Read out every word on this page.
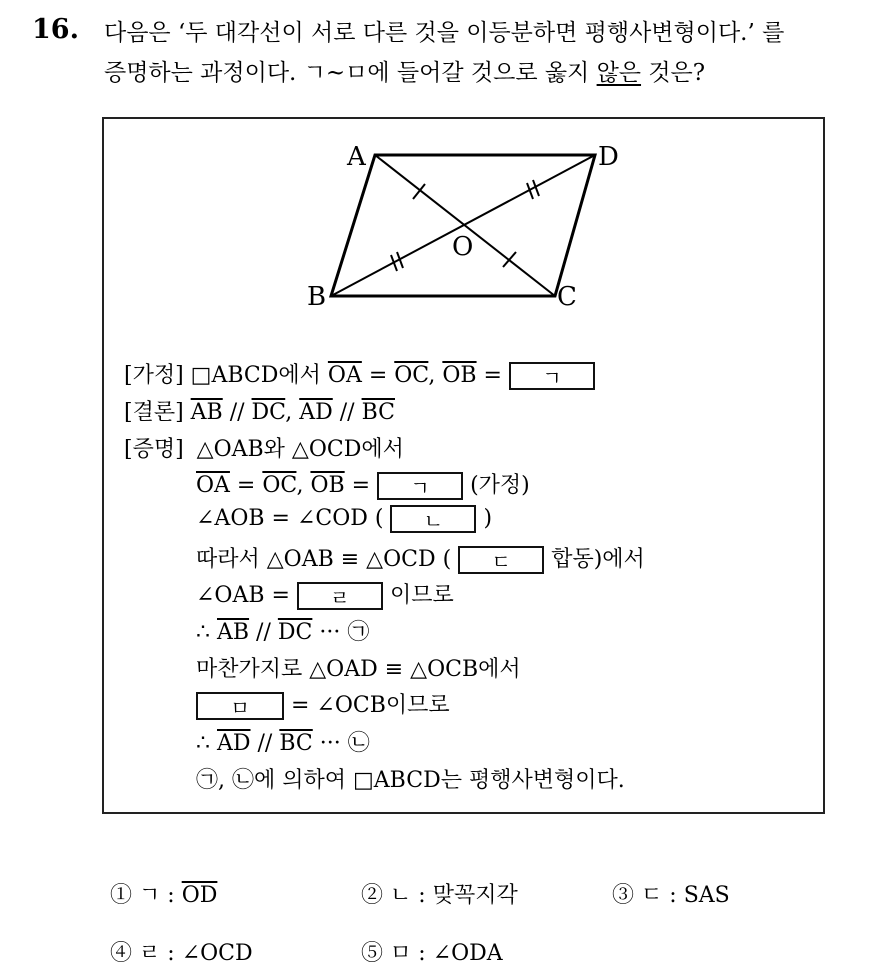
16. 다음은 ‘두 대각선이 서로 다른 것을 이등분하면 평행사변형이다.’ 를
증명하는 과정이다. ㄱ~ㅁ에 들어갈 것으로 옳지 않은 것은?
A	D
B	C
O
[가정] □ABCD에서 $\overline{OA} = \overline{OC}$, $\overline{OB}$ = ㄱ
[결론] $\overline{AB} // \overline{DC}$, $\overline{AD} // \overline{BC}$
[증명] △OAB와 △OCD에서
$\overline{OA} = \overline{OC}$, $\overline{OB}$ = ㄱ (가정)
∠AOB = ∠COD ( ㄴ )
따라서 △OAB ≡ △OCD ( ㄷ 합동)에서
∠OAB = ㄹ 이므로
∴ $\overline{AB} // \overline{DC}$ ··· ㉠
마찬가지로 △OAD ≡ △OCB에서
ㅁ = ∠OCB이므로
∴ $\overline{AD} // \overline{BC}$ ··· ㉡
㉠, ㉡에 의하여 □ABCD는 평행사변형이다.
① ㄱ : $\overline{OD}$	② ㄴ : 맞꼭지각	③ ㄷ : SAS
④ ㄹ : ∠OCD	⑤ ㅁ : ∠ODA
